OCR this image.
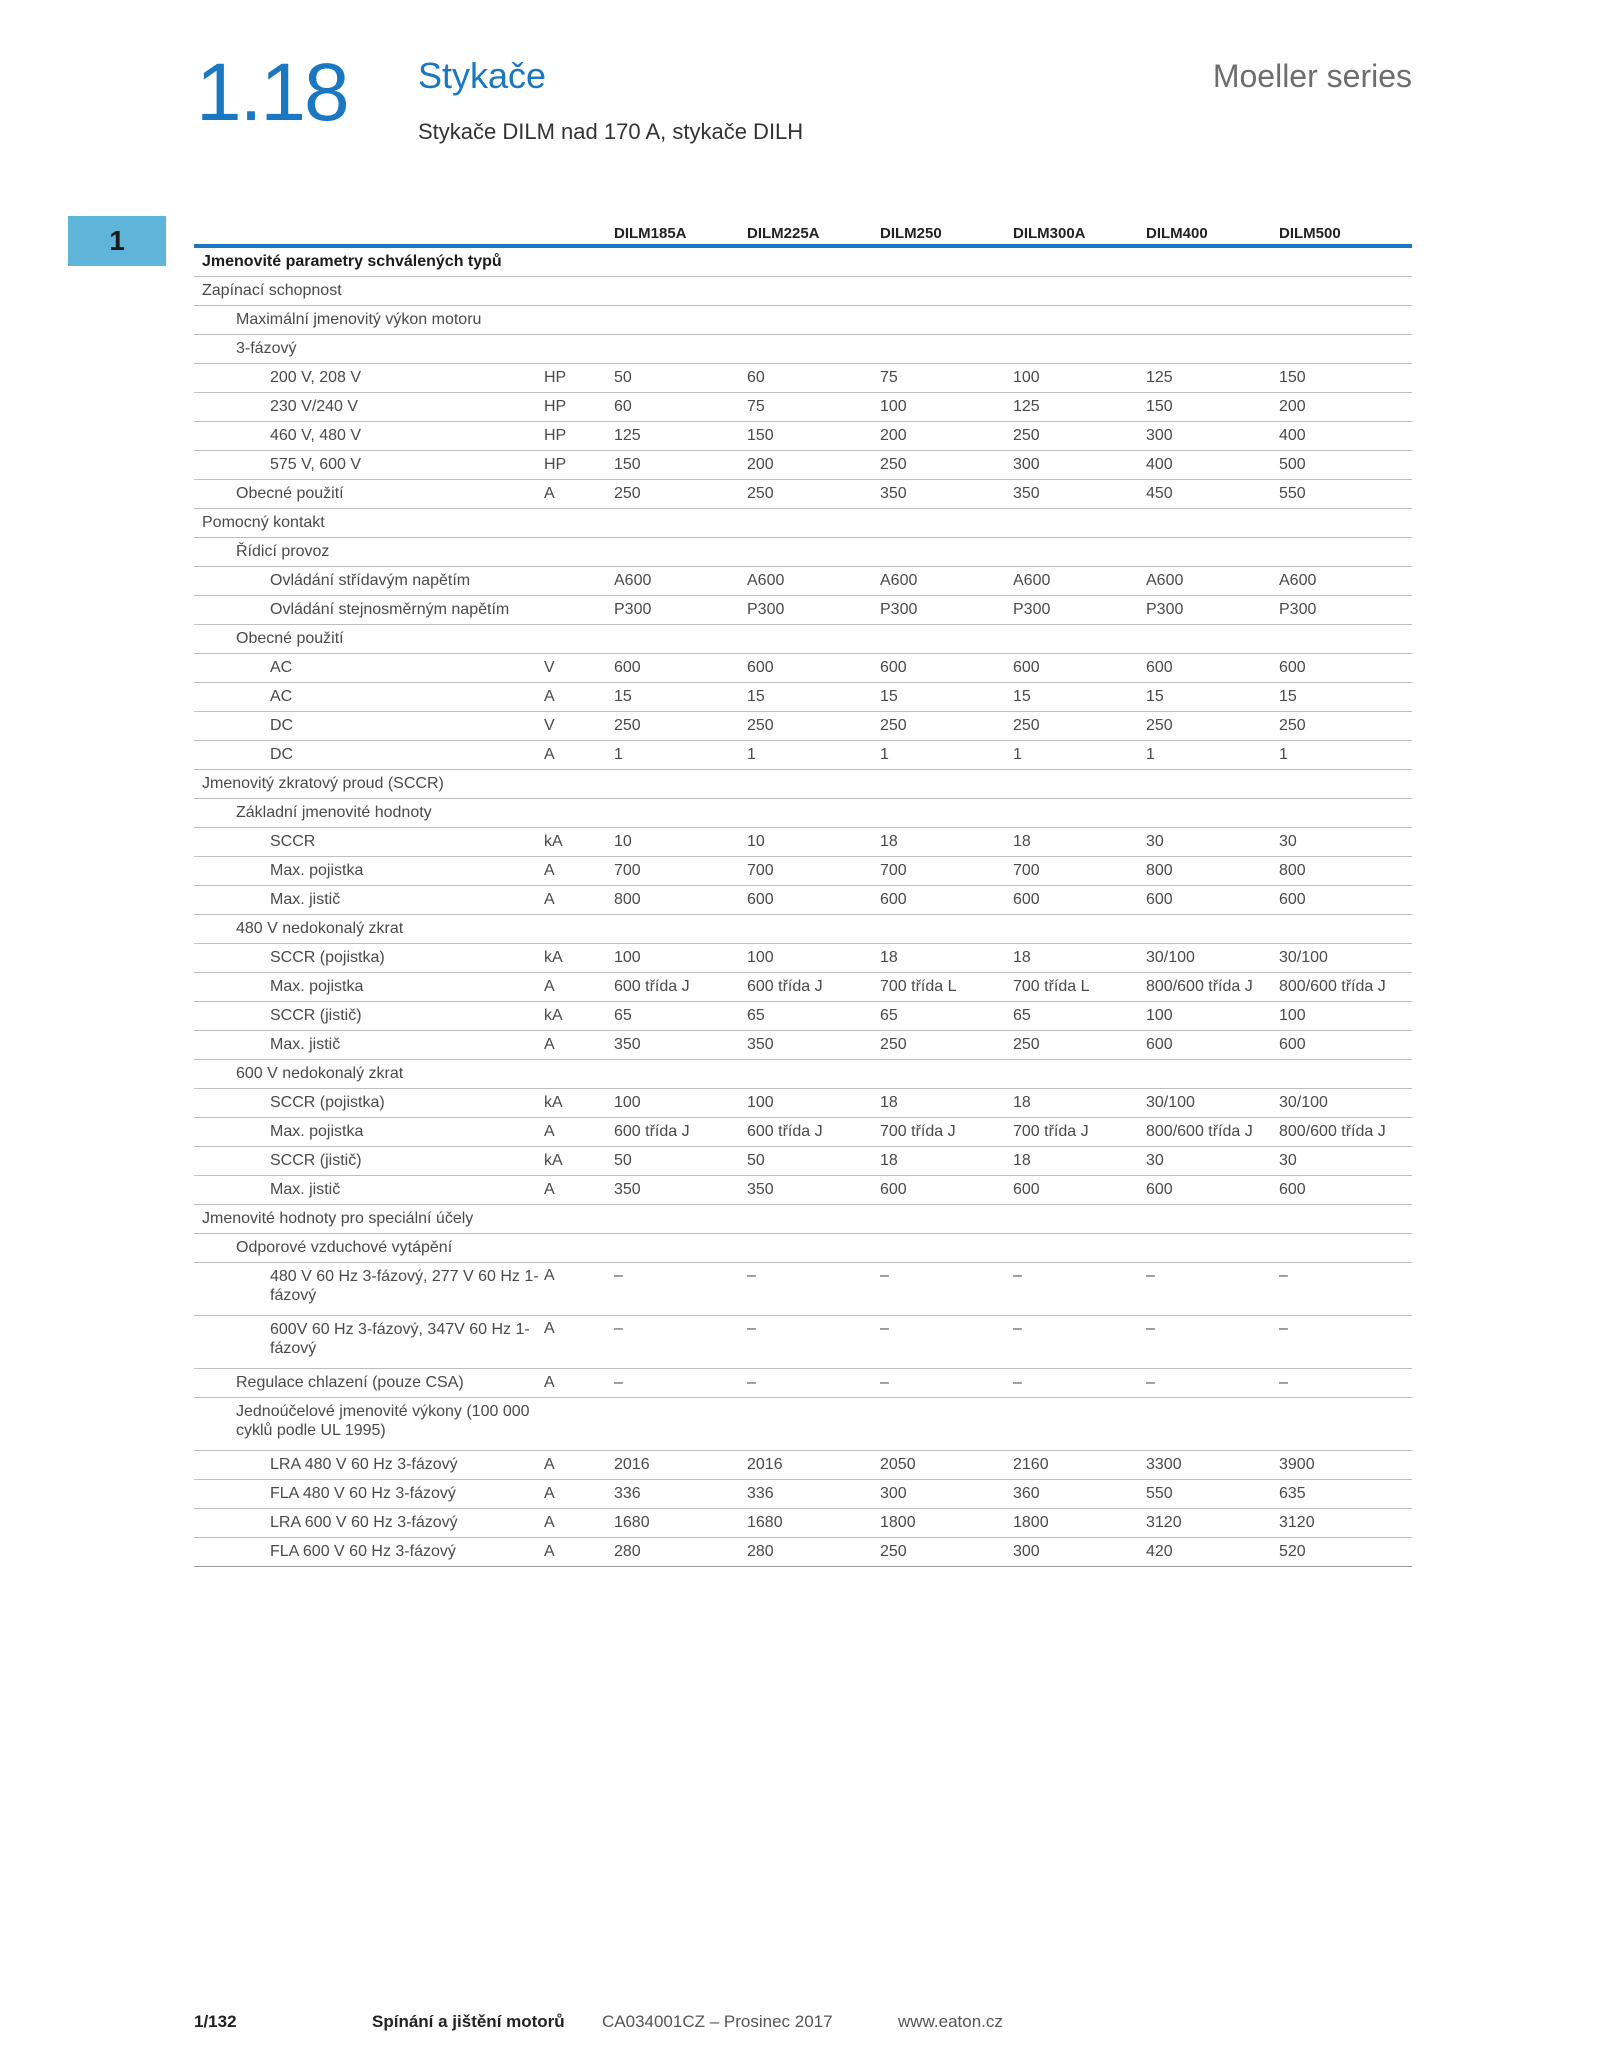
1.18 Stykače
Stykače DILM nad 170 A, stykače DILH
Moeller series
1
			DILM185A	DILM225A	DILM250	DILM300A	DILM400	DILM500
Jmenovité parametry schválených typů							
Zapínací schopnost							
Maximální jmenovitý výkon motoru							
3-fázový							
200 V, 208 V	HP	50	60	75	100	125	150
230 V/240 V	HP	60	75	100	125	150	200
460 V, 480 V	HP	125	150	200	250	300	400
575 V, 600 V	HP	150	200	250	300	400	500
Obecné použití	A	250	250	350	350	450	550
Pomocný kontakt							
Řídicí provoz							
Ovládání střídavým napětím		A600	A600	A600	A600	A600	A600
Ovládání stejnosměrným napětím		P300	P300	P300	P300	P300	P300
Obecné použití							
AC	V	600	600	600	600	600	600
AC	A	15	15	15	15	15	15
DC	V	250	250	250	250	250	250
DC	A	1	1	1	1	1	1
Jmenovitý zkratový proud (SCCR)							
Základní jmenovité hodnoty							
SCCR	kA	10	10	18	18	30	30
Max. pojistka	A	700	700	700	700	800	800
Max. jistič	A	800	600	600	600	600	600
480 V nedokonalý zkrat							
SCCR (pojistka)	kA	100	100	18	18	30/100	30/100
Max. pojistka	A	600 třída J	600 třída J	700 třída L	700 třída L	800/600 třída J	800/600 třída J
SCCR (jistič)	kA	65	65	65	65	100	100
Max. jistič	A	350	350	250	250	600	600
600 V nedokonalý zkrat							
SCCR (pojistka)	kA	100	100	18	18	30/100	30/100
Max. pojistka	A	600 třída J	600 třída J	700 třída J	700 třída J	800/600 třída J	800/600 třída J
SCCR (jistič)	kA	50	50	18	18	30	30
Max. jistič	A	350	350	600	600	600	600
Jmenovité hodnoty pro speciální účely							
Odporové vzduchové vytápění							
480 V 60 Hz 3-fázový, 277 V 60 Hz 1-fázový	A	–	–	–	–	–	–
600V 60 Hz 3-fázový, 347V 60 Hz 1-fázový	A	–	–	–	–	–	–
Regulace chlazení (pouze CSA)	A	–	–	–	–	–	–
Jednoúčelové jmenovité výkony (100 000 cyklů podle UL 1995)							
LRA 480 V 60 Hz 3-fázový	A	2016	2016	2050	2160	3300	3900
FLA 480 V 60 Hz 3-fázový	A	336	336	300	360	550	635
LRA 600 V 60 Hz 3-fázový	A	1680	1680	1800	1800	3120	3120
FLA 600 V 60 Hz 3-fázový	A	280	280	250	300	420	520
1/132	Spínání a jištění motorů CA034001CZ – Prosinec 2017	www.eaton.cz
